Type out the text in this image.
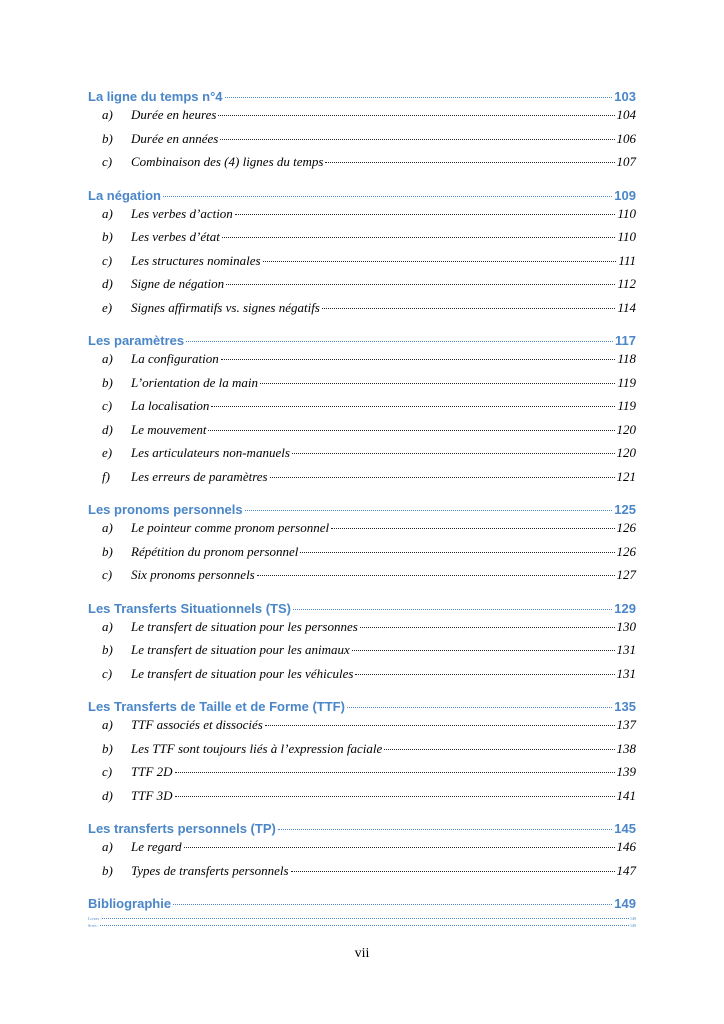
La ligne du temps n°4	103
a)	Durée en heures	104
b)	Durée en années	106
c)	Combinaison des (4) lignes du temps	107
La négation	109
a)	Les verbes d’action	110
b)	Les verbes d’état	110
c)	Les structures nominales	111
d)	Signe de négation	112
e)	Signes affirmatifs vs. signes négatifs	114
Les paramètres	117
a)	La configuration	118
b)	L’orientation de la main	119
c)	La localisation	119
d)	Le mouvement	120
e)	Les articulateurs non-manuels	120
f)	Les erreurs de paramètres	121
Les pronoms personnels	125
a)	Le pointeur comme pronom personnel	126
b)	Répétition du pronom personnel	126
c)	Six pronoms personnels	127
Les Transferts Situationnels (TS)	129
a)	Le transfert de situation pour les personnes	130
b)	Le transfert de situation pour les animaux	131
c)	Le transfert de situation pour les véhicules	131
Les Transferts de Taille et de Forme (TTF)	135
a)	TTF associés et dissociés	137
b)	Les TTF sont toujours liés à l’expression faciale	138
c)	TTF 2D	139
d)	TTF 3D	141
Les transferts personnels (TP)	145
a)	Le regard	146
b)	Types de transferts personnels	147
Bibliographie	149
Livres :	149
Sites :	149
vii
